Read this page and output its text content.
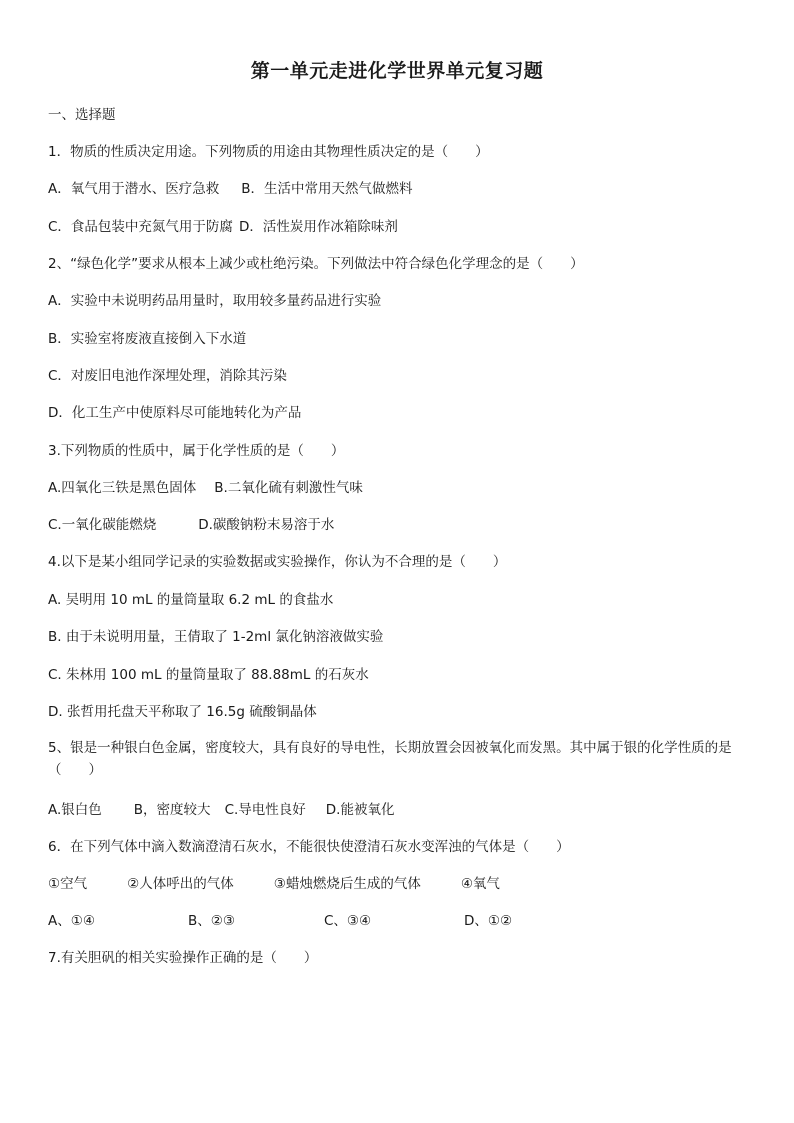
第一单元走进化学世界单元复习题
一、选择题
1．物质的性质决定用途。下列物质的用途由其物理性质决定的是（　　）
A．氧气用于潜水、医疗急救 B．生活中常用天然气做燃料
C．食品包装中充氮气用于防腐 D．活性炭用作冰箱除味剂
2、“绿色化学”要求从根本上减少或杜绝污染。下列做法中符合绿色化学理念的是（　　）
A．实验中未说明药品用量时，取用较多量药品进行实验
B．实验室将废液直接倒入下水道
C．对废旧电池作深埋处理，消除其污染
D．化工生产中使原料尽可能地转化为产品
3.下列物质的性质中，属于化学性质的是（　　）
A.四氧化三铁是黑色固体 B.二氧化硫有刺激性气味
C.一氧化碳能燃烧	D.碳酸钠粉末易溶于水
4.以下是某小组同学记录的实验数据或实验操作，你认为不合理的是（　　）
A. 吴明用 10 mL 的量筒量取 6.2 mL 的食盐水
B. 由于未说明用量，王倩取了 1-2ml 氯化钠溶液做实验
C. 朱林用 100 mL 的量筒量取了 88.88mL 的石灰水
D. 张哲用托盘天平称取了 16.5g 硫酸铜晶体
5、银是一种银白色金属，密度较大，具有良好的导电性，长期放置会因被氧化而发黑。其中属于银的化学性质的是（　　）
A.银白色 B，密度较大 C.导电性良好 D.能被氧化
6．在下列气体中滴入数滴澄清石灰水，不能很快使澄清石灰水变浑浊的气体是（　　）
①空气	②人体呼出的气体	③蜡烛燃烧后生成的气体	④氧气
A、①④	B、②③	C、③④	D、①②
7.有关胆矾的相关实验操作正确的是（　　）
